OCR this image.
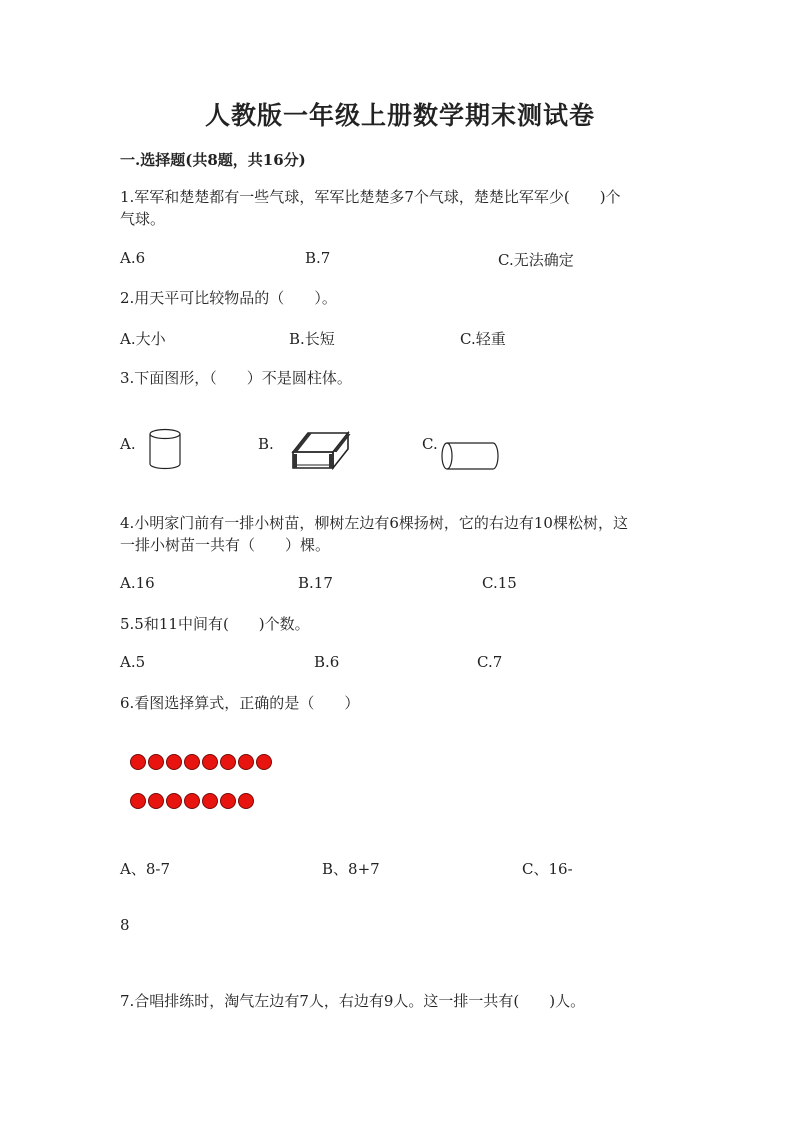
人教版一年级上册数学期末测试卷
一.选择题(共8题，共16分)
1.军军和楚楚都有一些气球，军军比楚楚多7个气球，楚楚比军军少(　　)个
气球。
A.6	B.7	C.无法确定
2.用天平可比较物品的（　　）。
A.大小	B.长短	C.轻重
3.下面图形，（　　）不是圆柱体。
A.	B.	C.
4.小明家门前有一排小树苗，柳树左边有6棵扬树，它的右边有10棵松树，这
一排小树苗一共有（　　）棵。
A.16	B.17	C.15
5.5和11中间有(　　)个数。
A.5	B.6	C.7
6.看图选择算式，正确的是（　　）
A、8-7	B、8+7	C、16-
8
7.合唱排练时，淘气左边有7人，右边有9人。这一排一共有(　　)人。
